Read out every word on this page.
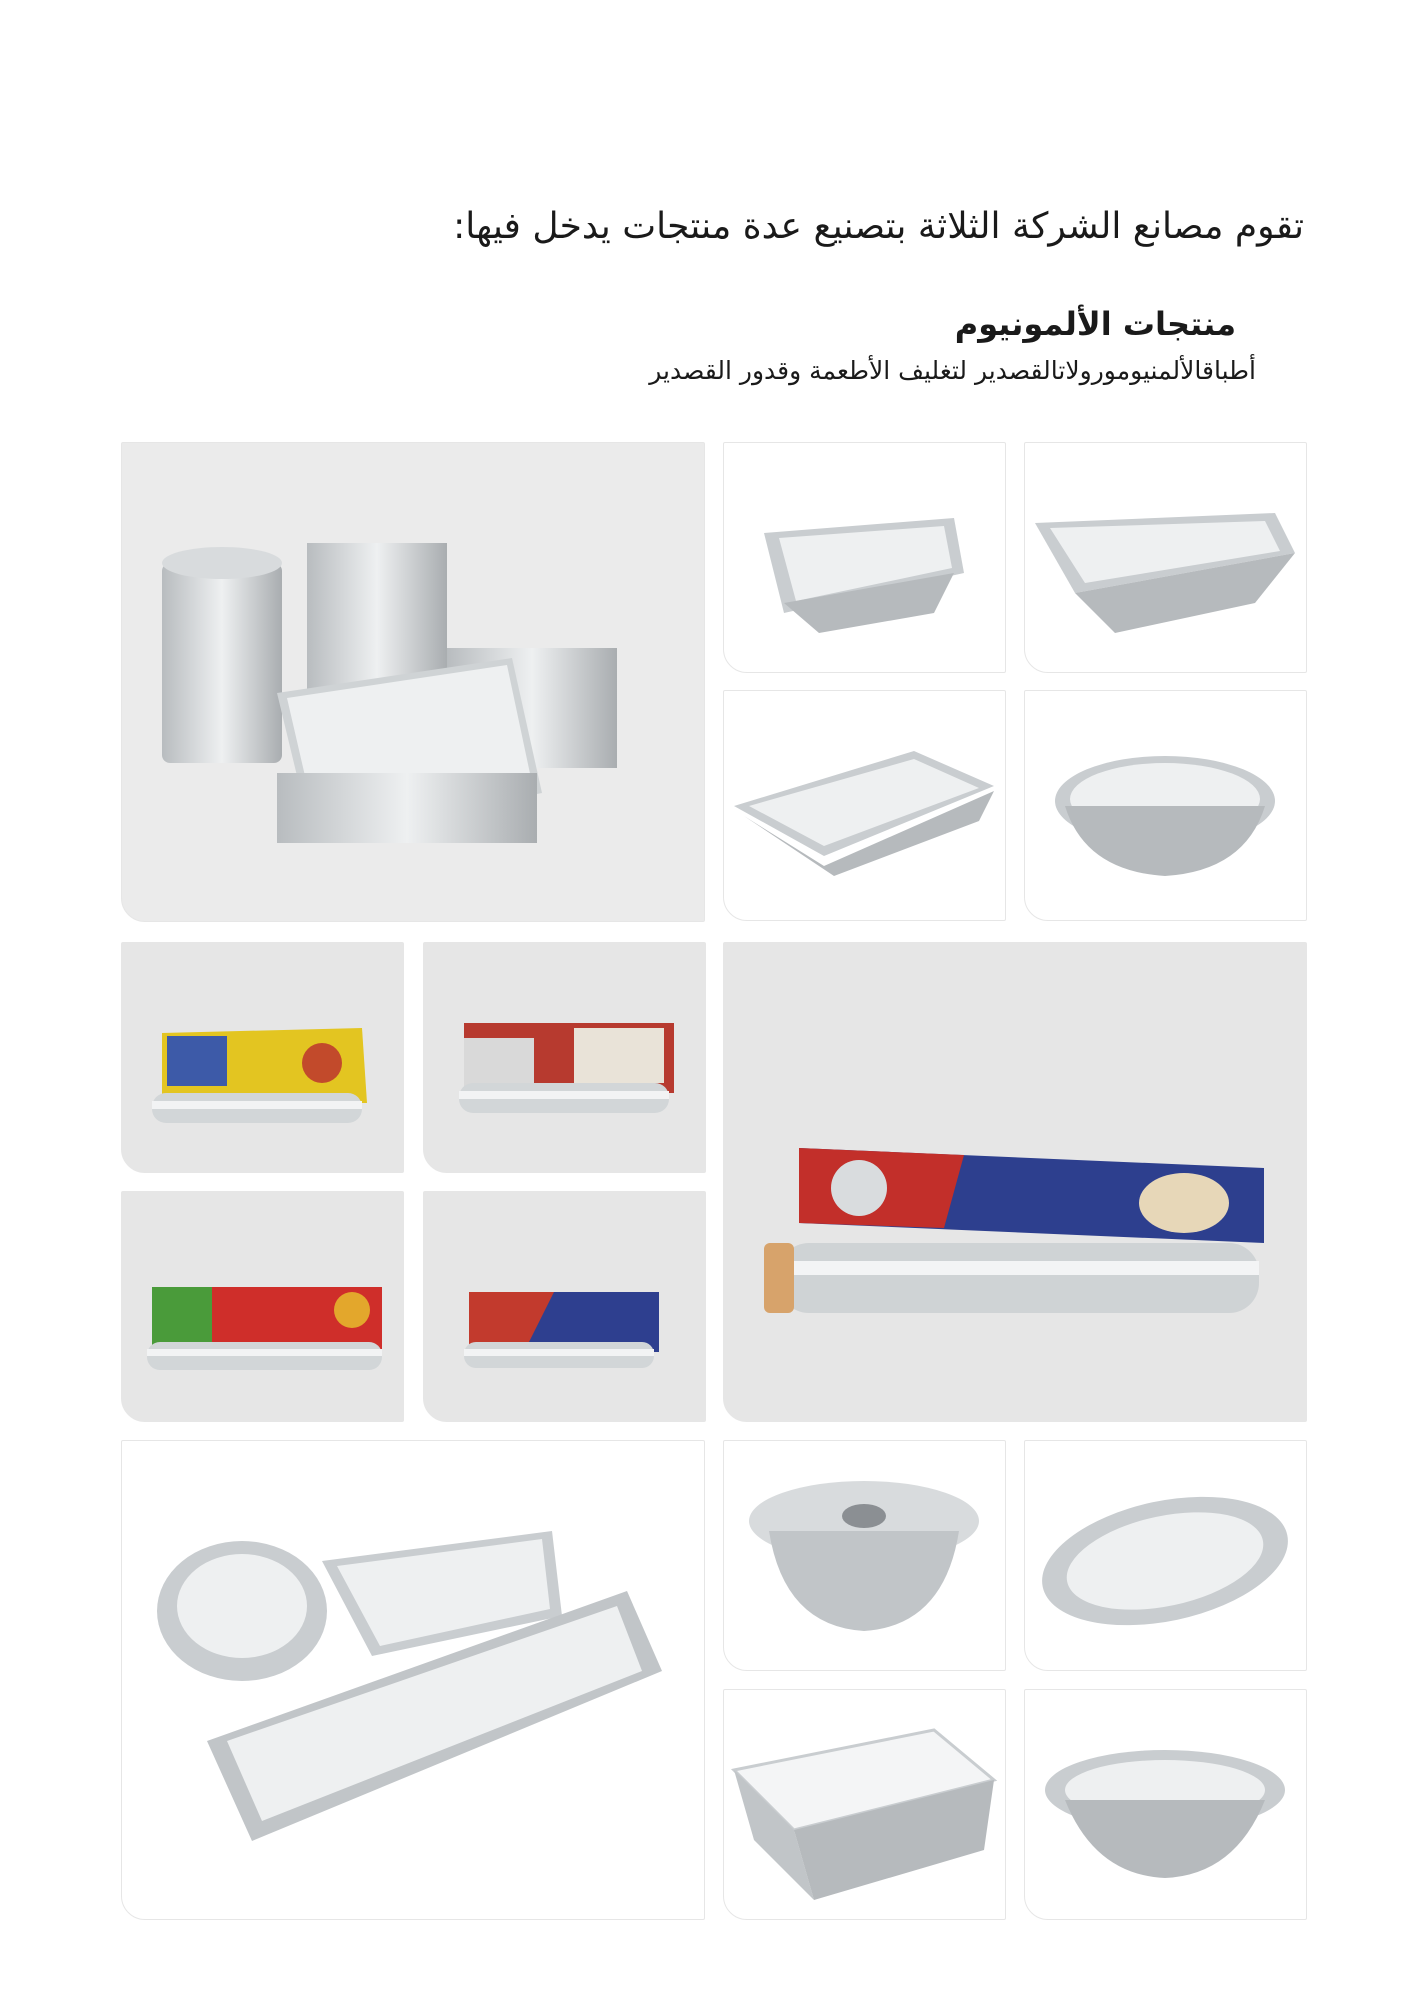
تقوم مصانع الشركة الثلاثة بتصنيع عدة منتجات يدخل فيها:
منتجات الألمونيوم

أطباقالألمنيومورولاتالقصدير لتغليف الأطعمة وقدور القصدير
